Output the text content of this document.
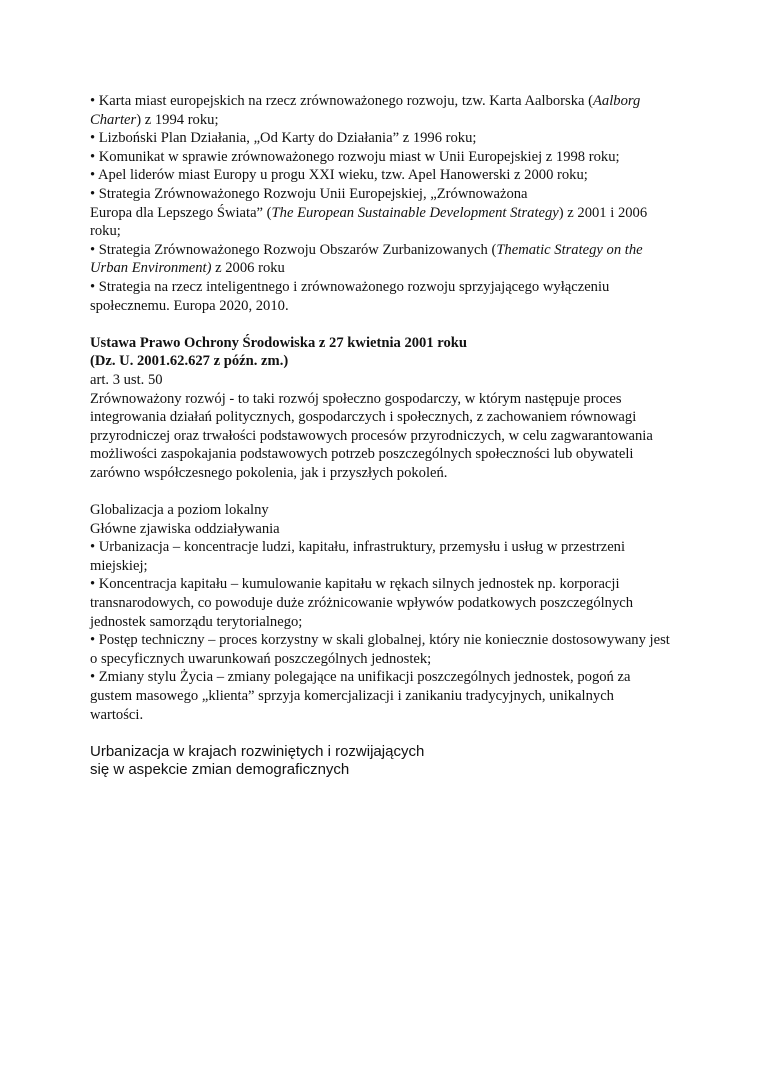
• Karta miast europejskich na rzecz zrównoważonego rozwoju, tzw. Karta Aalborska (Aalborg Charter) z 1994 roku;

• Lizboński Plan Działania, „Od Karty do Działania” z 1996 roku;

• Komunikat w sprawie zrównoważonego rozwoju miast w Unii Europejskiej z 1998 roku;

• Apel liderów miast Europy u progu XXI wieku, tzw. Apel Hanowerski z 2000 roku;

• Strategia Zrównoważonego Rozwoju Unii Europejskiej, „Zrównoważona
Europa dla Lepszego Świata” (The European Sustainable Development Strategy) z 2001 i 2006 roku;

• Strategia Zrównoważonego Rozwoju Obszarów Zurbanizowanych (Thematic Strategy on the Urban Environment) z 2006 roku

• Strategia na rzecz inteligentnego i zrównoważonego rozwoju sprzyjającego wyłączeniu społecznemu. Europa 2020, 2010.

Ustawa Prawo Ochrony Środowiska z 27 kwietnia 2001 roku

(Dz. U. 2001.62.627 z późn. zm.)

art. 3 ust. 50

Zrównoważony rozwój - to taki rozwój społeczno gospodarczy, w którym następuje proces integrowania działań politycznych, gospodarczych i społecznych, z zachowaniem równowagi przyrodniczej oraz trwałości podstawowych procesów przyrodniczych, w celu zagwarantowania możliwości zaspokajania podstawowych potrzeb poszczególnych społeczności lub obywateli zarówno współczesnego pokolenia, jak i przyszłych pokoleń.

Globalizacja a poziom lokalny

Główne zjawiska oddziaływania

• Urbanizacja – koncentracje ludzi, kapitału, infrastruktury, przemysłu i usług w przestrzeni miejskiej;

• Koncentracja kapitału – kumulowanie kapitału w rękach silnych jednostek np. korporacji transnarodowych, co powoduje duże zróżnicowanie wpływów podatkowych poszczególnych jednostek samorządu terytorialnego;

• Postęp techniczny – proces korzystny w skali globalnej, który nie koniecznie dostosowywany jest o specyficznych uwarunkowań poszczególnych jednostek;

• Zmiany stylu Życia – zmiany polegające na unifikacji poszczególnych jednostek, pogoń za gustem masowego „klienta” sprzyja komercjalizacji i zanikaniu tradycyjnych, unikalnych wartości.

Urbanizacja w krajach rozwiniętych i rozwijających

się w aspekcie zmian demograficznych
